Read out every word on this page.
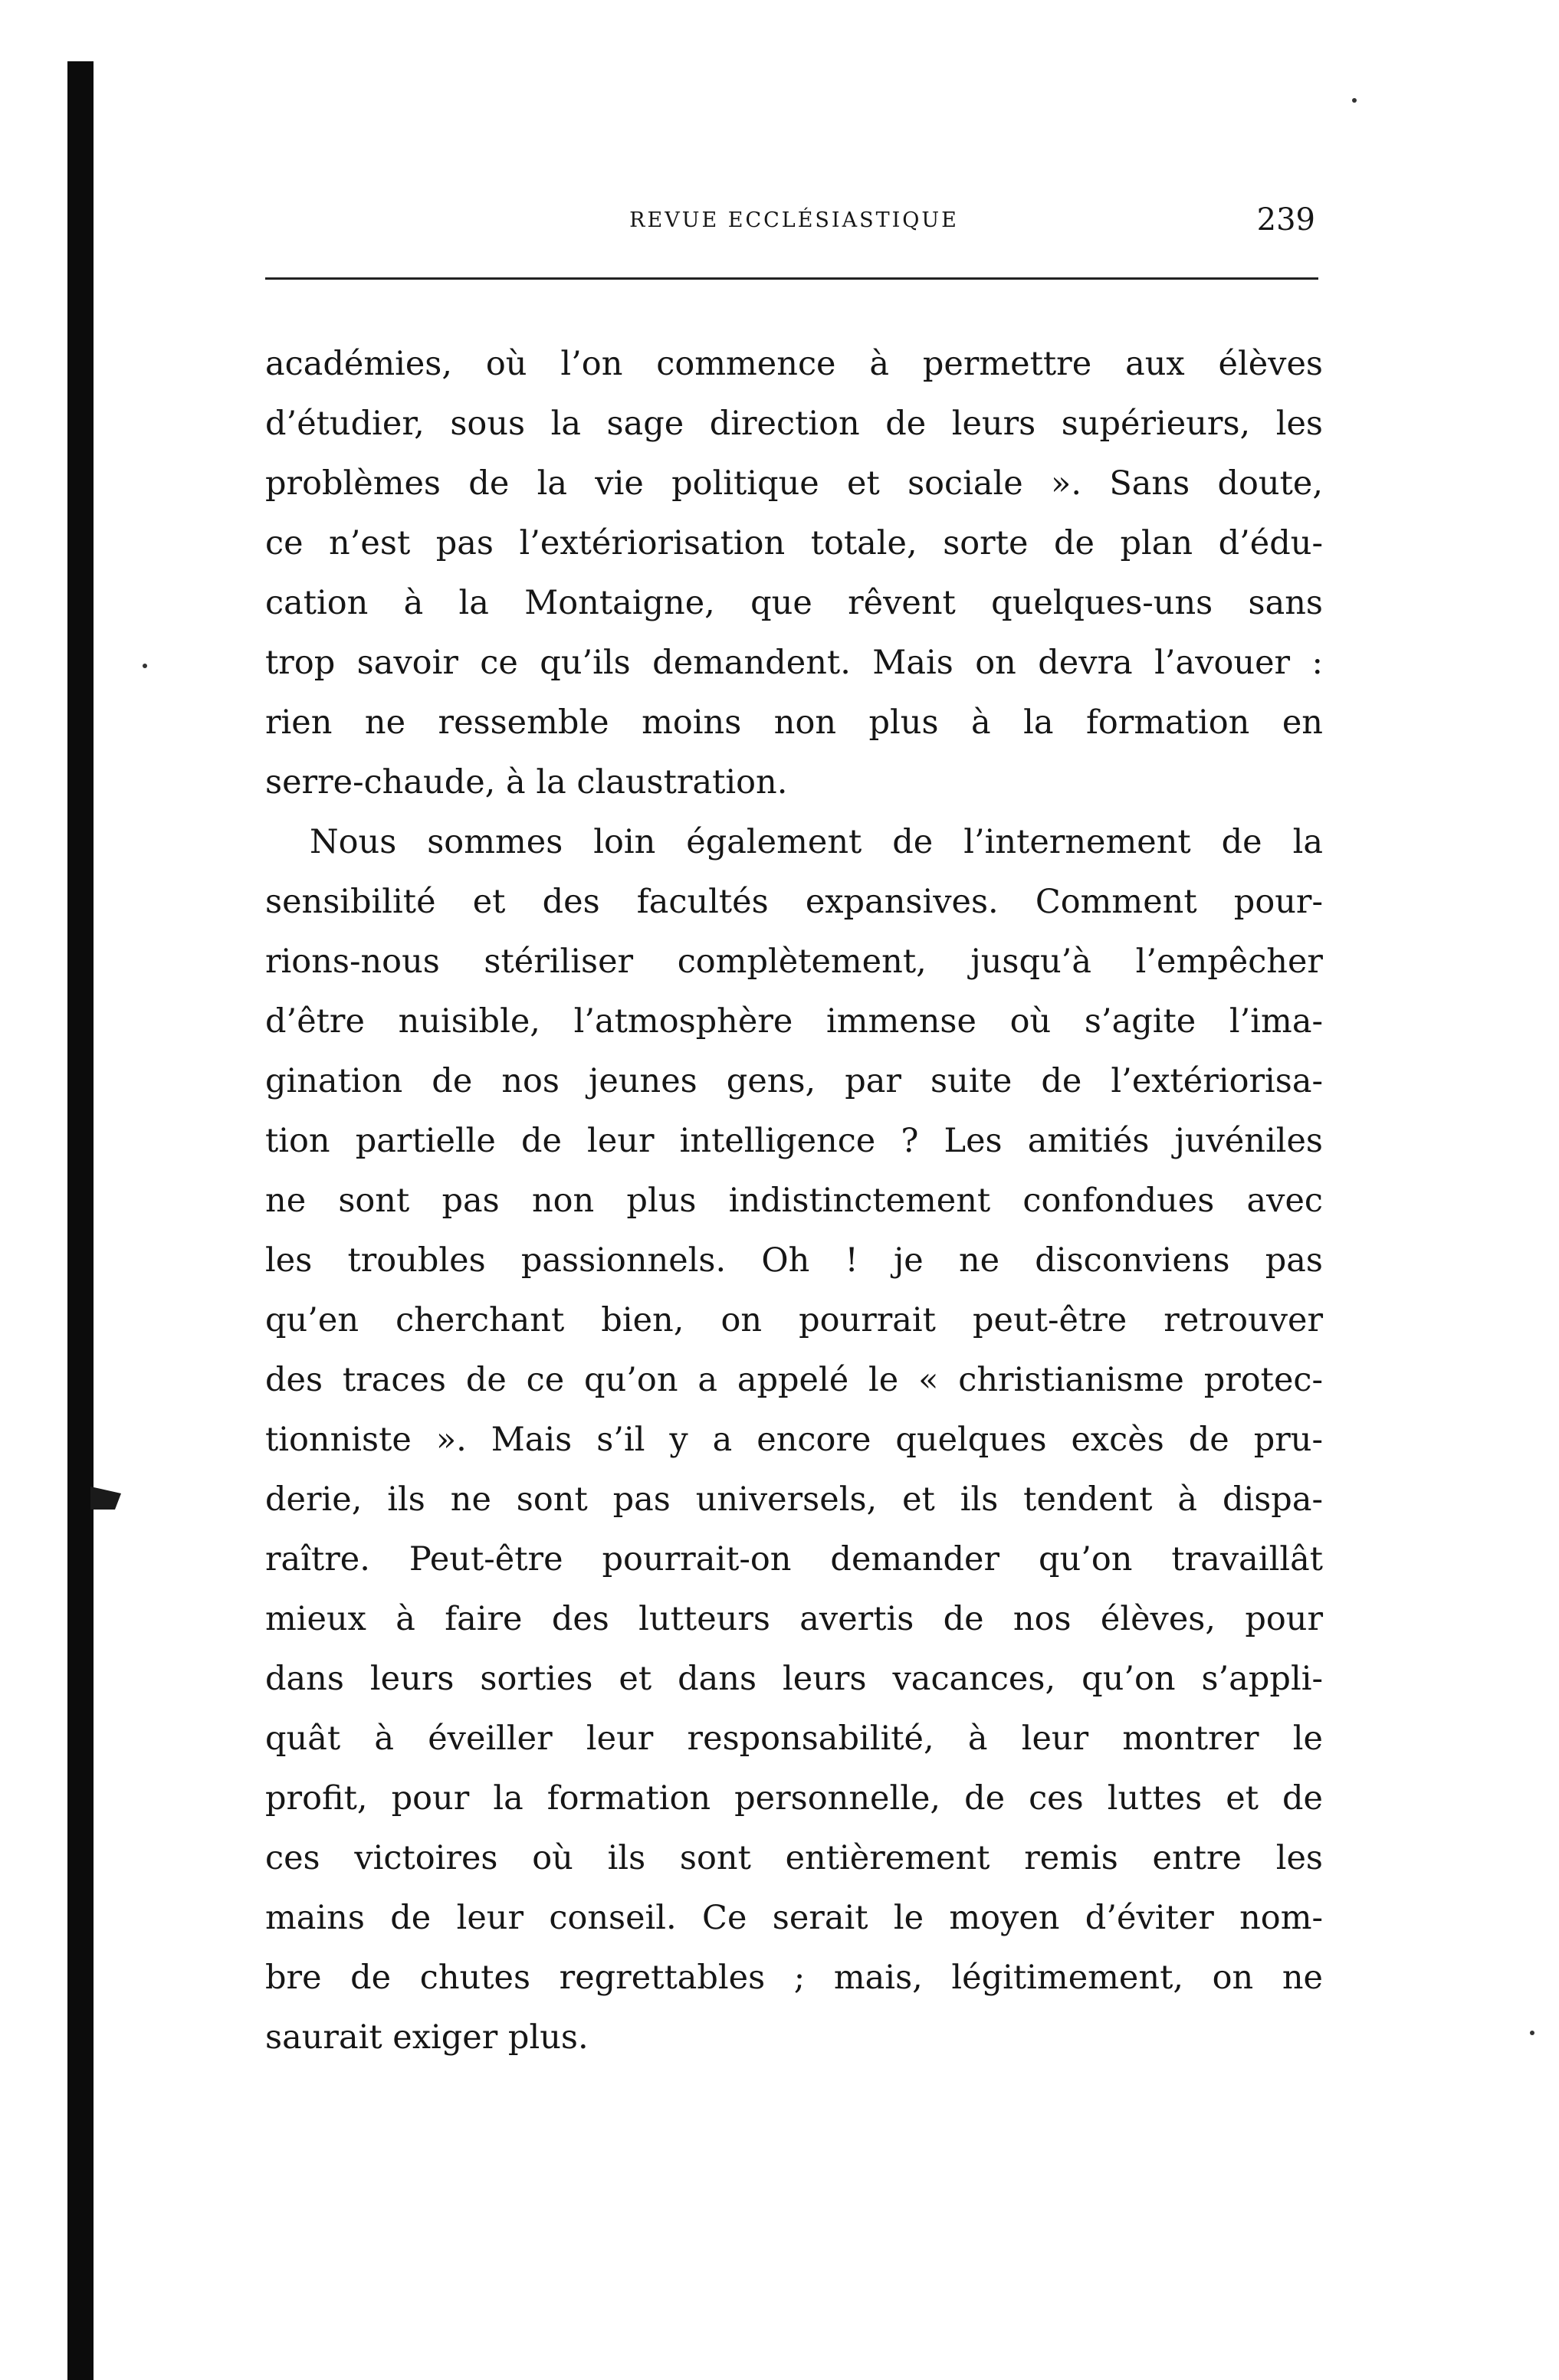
REVUE ECCLÉSIASTIQUE	239
académies, où l’on commence à permettre aux élèves
d’étudier, sous la sage direction de leurs supérieurs, les
problèmes de la vie politique et sociale ». Sans doute,
ce n’est pas l’extériorisation totale, sorte de plan d’édu-
cation à la Montaigne, que rêvent quelques-uns sans
trop savoir ce qu’ils demandent. Mais on devra l’avouer :
rien ne ressemble moins non plus à la formation en
serre-chaude, à la claustration.
Nous sommes loin également de l’internement de la
sensibilité et des facultés expansives. Comment pour-
rions-nous stériliser complètement, jusqu’à l’empêcher
d’être nuisible, l’atmosphère immense où s’agite l’ima-
gination de nos jeunes gens, par suite de l’extériorisa-
tion partielle de leur intelligence ? Les amitiés juvéniles
ne sont pas non plus indistinctement confondues avec
les troubles passionnels. Oh ! je ne disconviens pas
qu’en cherchant bien, on pourrait peut-être retrouver
des traces de ce qu’on a appelé le « christianisme protec-
tionniste ». Mais s’il y a encore quelques excès de pru-
derie, ils ne sont pas universels, et ils tendent à dispa-
raître. Peut-être pourrait-on demander qu’on travaillât
mieux à faire des lutteurs avertis de nos élèves, pour
dans leurs sorties et dans leurs vacances, qu’on s’appli-
quât à éveiller leur responsabilité, à leur montrer le
profit, pour la formation personnelle, de ces luttes et de
ces victoires où ils sont entièrement remis entre les
mains de leur conseil. Ce serait le moyen d’éviter nom-
bre de chutes regrettables ; mais, légitimement, on ne
saurait exiger plus.
